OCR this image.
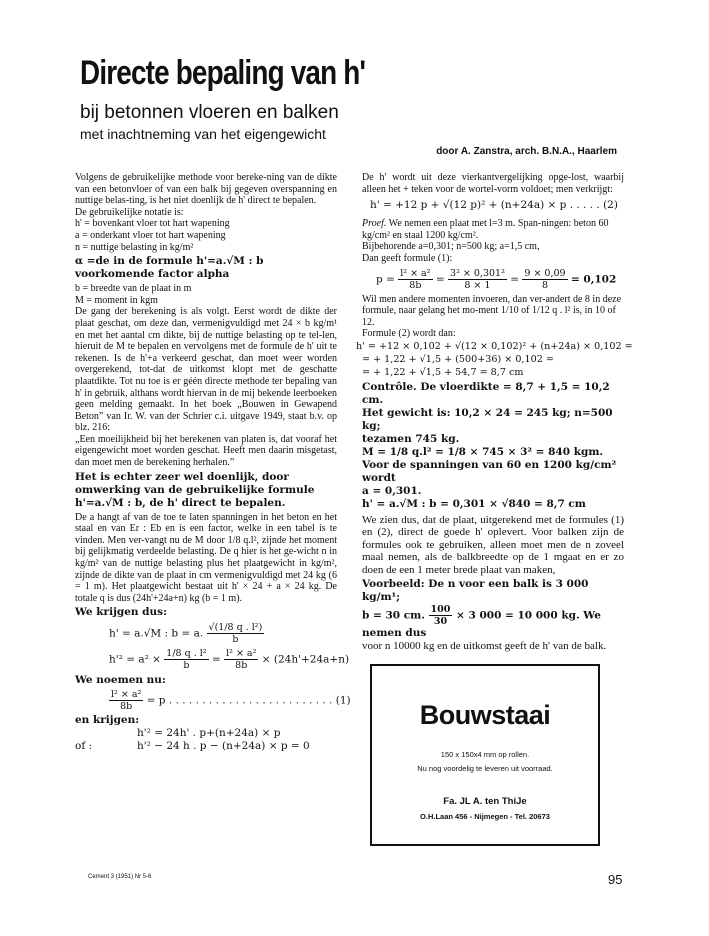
Directe bepaling van h'
bij betonnen vloeren en balken
met inachtneming van het eigengewicht
door A. Zanstra, arch. B.N.A., Haarlem

Volgens de gebruikelijke methode voor bereke-ning van de dikte van een betonvloer of van een balk bij gegeven overspanning en nuttige belas-ting, is het niet doenlijk de h' direct te bepalen.

De gebruikelijke notatie is:

h' = bovenkant vloer tot hart wapening

a = onderkant vloer tot hart wapening

n = nuttige belasting in kg/m²

α =de in de formule h'=a.√M : b voorkomende factor alpha

b = breedte van de plaat in m

M = moment in kgm

De gang der berekening is als volgt. Eerst wordt de dikte der plaat geschat, om deze dan, vermenigvuldigd met 24 × b kg/m¹ en met het aantal cm dikte, bij de nuttige belasting op te tel-len, hieruit de M te bepalen en vervolgens met de formule de h' uit te rekenen. Is de h'+a verkeerd geschat, dan moet weer worden overgerekend, tot-dat de uitkomst klopt met de geschatte plaatdikte. Tot nu toe is er géén directe methode ter bepaling van h' in gebruik, althans wordt hiervan in de mij bekende leerboeken geen melding gemaakt. In het boek „Bouwen in Gewapend Beton” van Ir. W. van der Schrier c.i. uitgave 1949, staat b.v. op blz. 216:

„Een moeilijkheid bij het berekenen van platen is, dat vooraf het eigengewicht moet worden geschat. Heeft men daarin misgetast, dan moet men de berekening herhalen.”

Het is echter zeer wel doenlijk, door omwerking van de gebruikelijke formule h'=a.√M : b, de h' direct te bepalen.

De a hangt af van de toe te laten spanningen in het beton en het staal en van Er : Eb en is een factor, welke in een tabel is te vinden. Men ver-vangt nu de M door 1/8 q.l², zijnde het moment bij gelijkmatig verdeelde belasting. De q hier is het ge-wicht n in kg/m² van de nuttige belasting plus het plaatgewicht in kg/m², zijnde de dikte van de plaat in cm vermenigvuldigd met 24 kg (6 = 1 m). Het plaatgewicht bestaat uit h' × 24 + a × 24 kg. De totale q is dus (24h'+24a+n) kg (b = 1 m).

We krijgen dus:
h' = a.√M : b = a. $\frac{\text{√(1/8 q . l²)}}{b}$
$h'^2 = a^2 \times \frac{\text{1/8 q . l²}}{b} = \frac{\text{l² × a²}}{8b} \times (24h'+24a+n)$
We noemen nu:
$\frac{\text{l² × a²}}{8b} = p$ . . . . . . . . . . . . . . . . . . . . . . . . . (1)
en krijgen:
h'² = 24h' . p+(n+24a) × p
of :	h'² − 24 h . p − (n+24a) × p = 0

De h' wordt uit deze vierkantvergelijking opge-lost, waarbij alleen het + teken voor de wortel-vorm voldoet; men verkrijgt:

h' = +12 p + √(12 p)² + (n+24a) × p . . . . . (2)

Proef. We nemen een plaat met l=3 m. Span-ningen: beton 60 kg/cm² en staal 1200 kg/cm².

Bijbehorende a=0,301; n=500 kg; a=1,5 cm,

Dan geeft formule (1):

$p = \frac{\text{l² × a²}}{8b} = \frac{\text{3² × 0,301²}}{8 \times 1} = \frac{9 \times 0,09}{8} = 0,102$

Wil men andere momenten invoeren, dan ver-andert de 8 in deze formule, naar gelang het mo-ment 1/10 of 1/12 q . l² is, in 10 of 12.

Formule (2) wordt dan:

h' = +12 × 0,102 + √(12 × 0,102)² + (n+24a) × 0,102 =
= + 1,22 + √1,5 + (500+36) × 0,102 =
= + 1,22 + √1,5 + 54,7 = 8,7 cm
Contrôle. De vloerdikte = 8,7 + 1,5 = 10,2 cm.
Het gewicht is: 10,2 × 24 = 245 kg; n=500 kg;
tezamen 745 kg.
M = 1/8 q.l² = 1/8 × 745 × 3² = 840 kgm.
Voor de spanningen van 60 en 1200 kg/cm² wordt
a = 0,301.
h' = a.√M : b = 0,301 × √840 = 8,7 cm

We zien dus, dat de plaat, uitgerekend met de formules (1) en (2), direct de goede h' oplevert. Voor balken zijn de formules ook te gebruiken, alleen moet men de n zoveel maal nemen, als de balkbreedte op de 1 mgaat en er zo doen de een 1 meter brede plaat van maken,

Voorbeeld: De n voor een balk is 3 000 kg/m¹;
b = 30 cm. $\frac{100}{30} \times 3$ 000 = 10 000 kg. We nemen dus

voor n 10000 kg en de uitkomst geeft de h' van de balk.

Bouwstaai
150 x 150x4 mm op rollen.
Nu nog voordelig te leveren uit voorraad.
Fa. JL A. ten ThiJe
O.H.Laan 456 - Nijmegen - Tel. 20673
Cement 3 (1951) Nr 5-6	95
